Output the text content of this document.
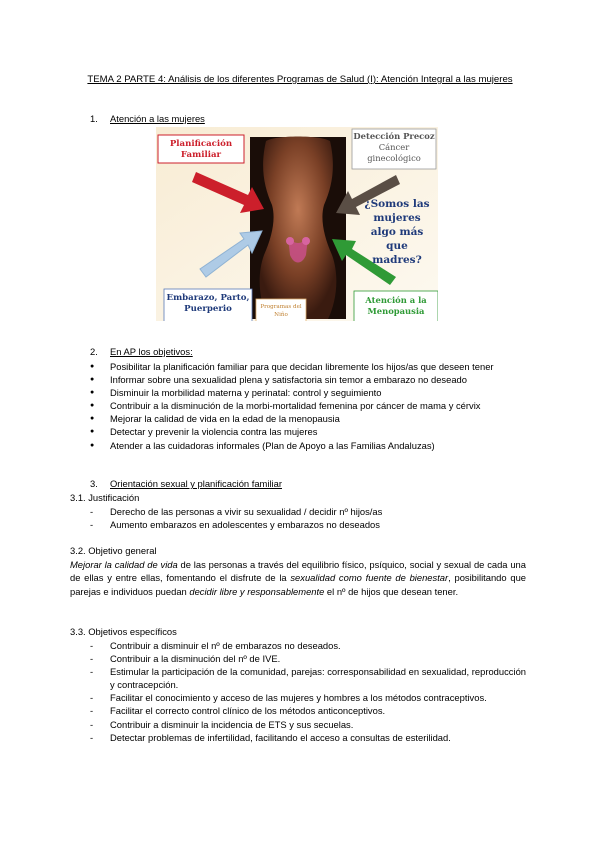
TEMA 2 PARTE 4: Análisis de los diferentes Programas de Salud (I): Atención Integral a las mujeres
1. Atención a las mujeres
Planificación Familiar
Detección Precoz
Cáncer ginecológico
¿Somos las mujeres algo más que madres?
Embarazo, Parto, Puerperio	Programas del Niño
Atención a la Menopausia
2. En AP los objetivos:
● Posibilitar la planificación familiar para que decidan libremente los hijos/as que deseen tener
● Informar sobre una sexualidad plena y satisfactoria sin temor a embarazo no deseado
● Disminuir la morbilidad materna y perinatal: control y seguimiento
● Contribuir a la disminución de la morbi-mortalidad femenina por cáncer de mama y cérvix
● Mejorar la calidad de vida en la edad de la menopausia
● Detectar y prevenir la violencia contra las mujeres
● Atender a las cuidadoras informales (Plan de Apoyo a las Familias Andaluzas)
3. Orientación sexual y planificación familiar
3.1. Justificación
- Derecho de las personas a vivir su sexualidad / decidir nº hijos/as
- Aumento embarazos en adolescentes y embarazos no deseados
3.2. Objetivo general
Mejorar la calidad de vida de las personas a través del equilibrio físico, psíquico, social y sexual de cada una de ellas y entre ellas, fomentando el disfrute de la sexualidad como fuente de bienestar, posibilitando que parejas e individuos puedan decidir libre y responsablemente el nº de hijos que desean tener.
3.3. Objetivos específicos
- Contribuir a disminuir el nº de embarazos no deseados.
- Contribuir a la disminución del nº de IVE.
- Estimular la participación de la comunidad, parejas: corresponsabilidad en sexualidad, reproducción y contracepción.
- Facilitar el conocimiento y acceso de las mujeres y hombres a los métodos contraceptivos.
- Facilitar el correcto control clínico de los métodos anticonceptivos.
- Contribuir a disminuir la incidencia de ETS y sus secuelas.
- Detectar problemas de infertilidad, facilitando el acceso a consultas de esterilidad.
